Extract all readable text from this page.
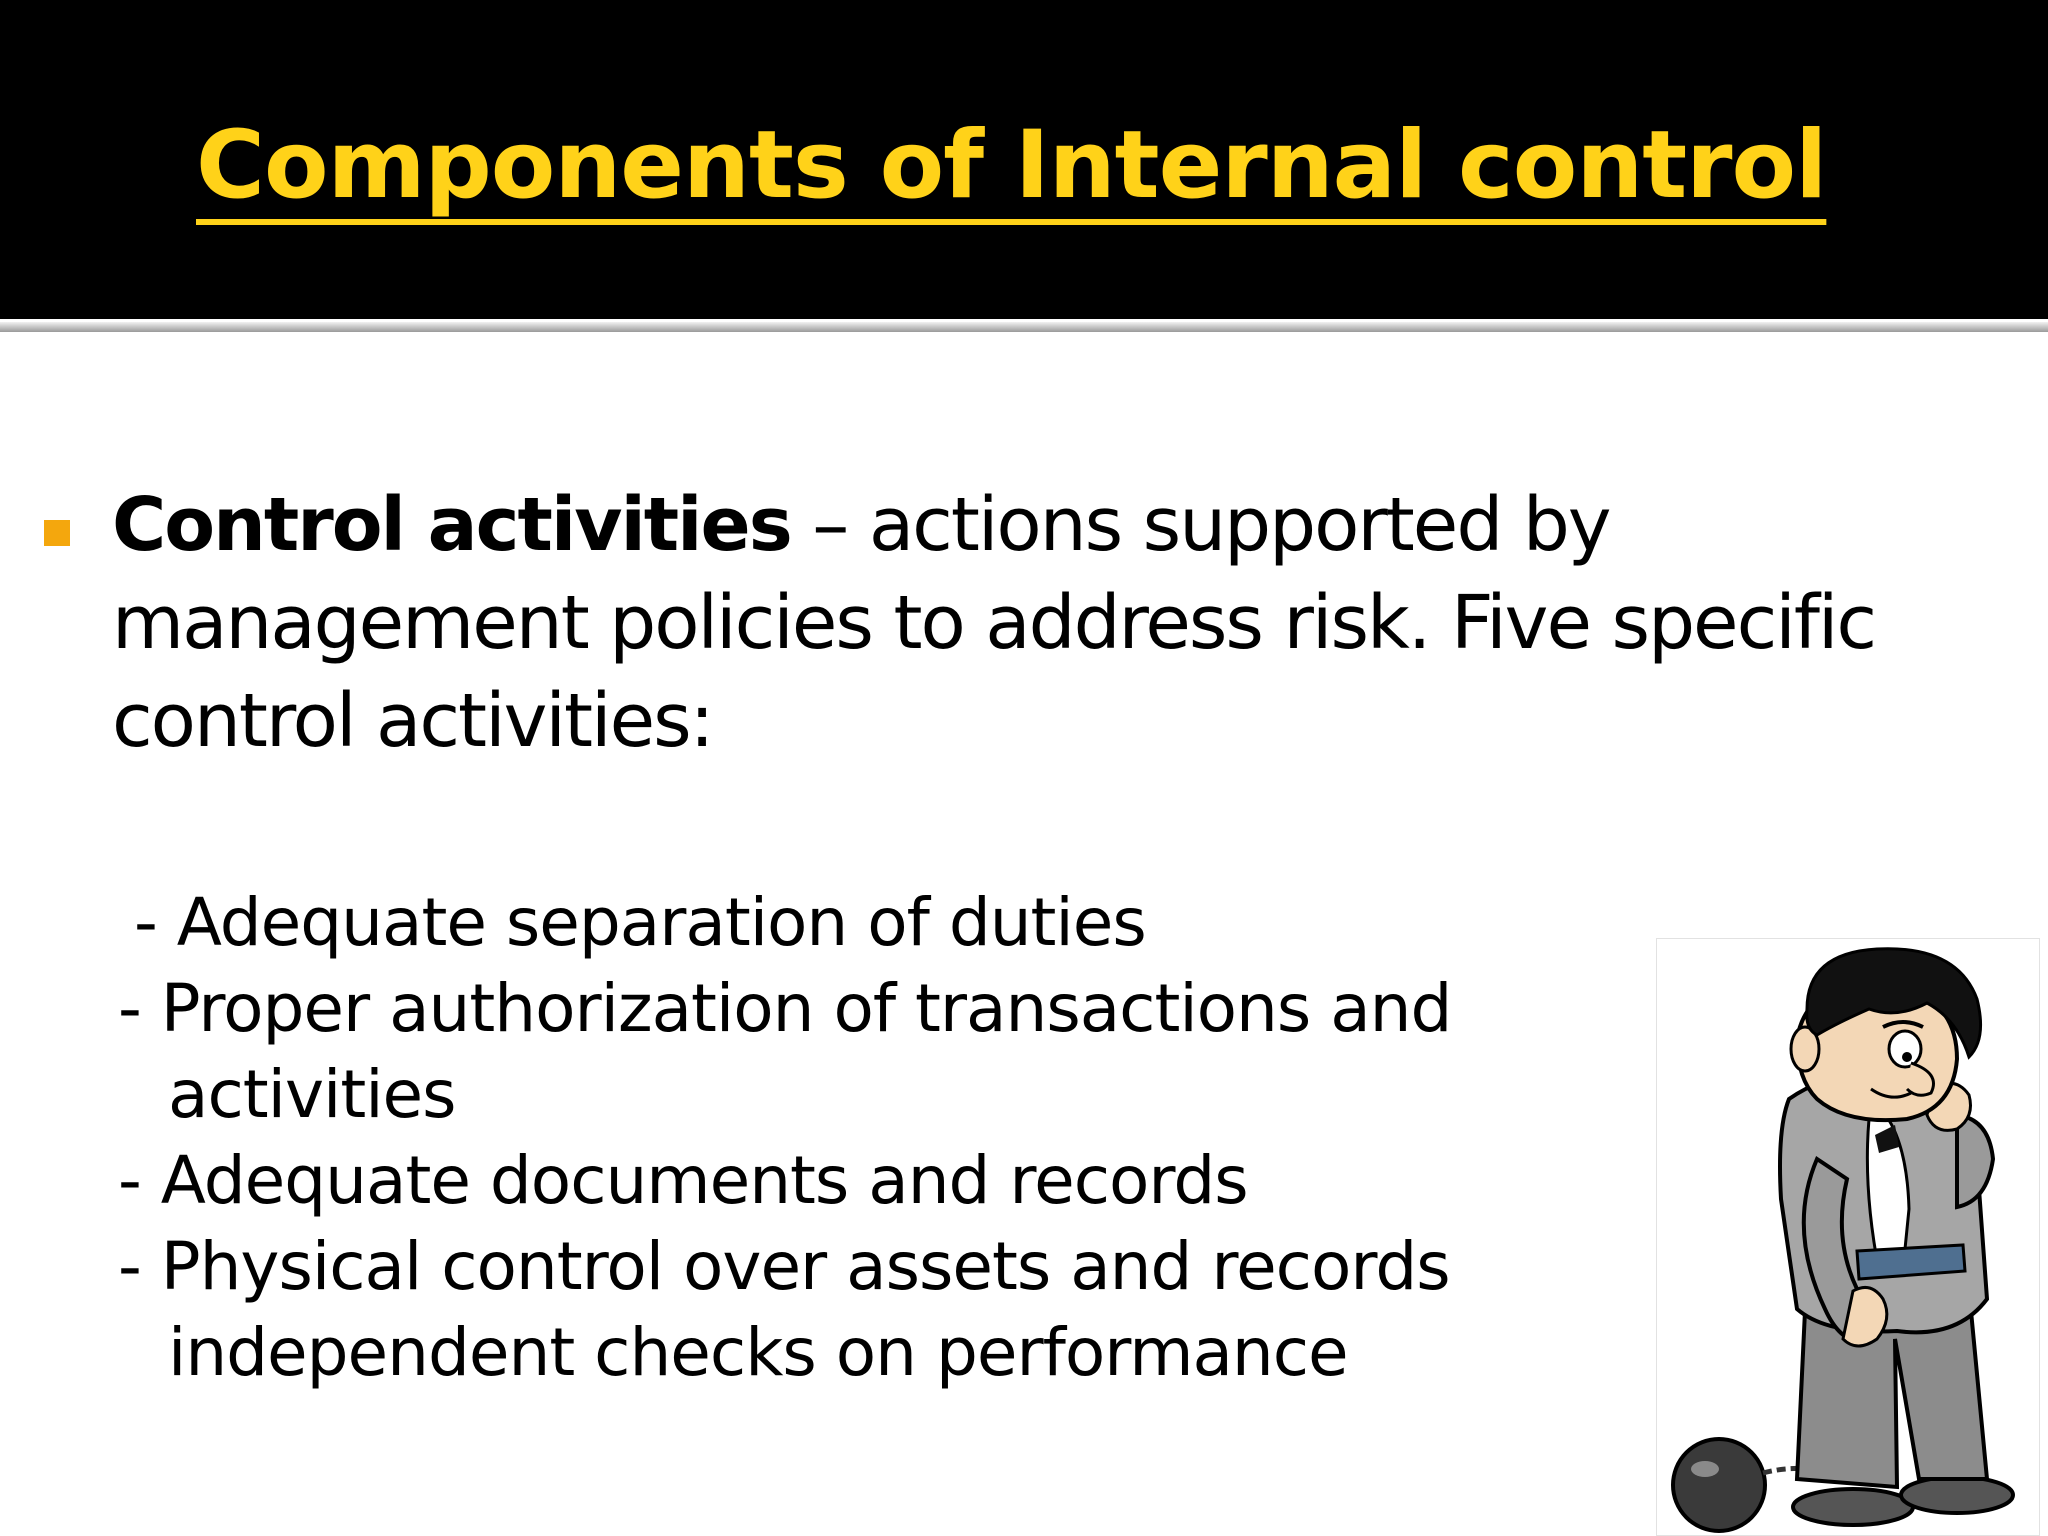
Components of Internal control

Control activities – actions supported by management policies to address risk. Five specific control activities:

- Adequate separation of duties
- Proper authorization of transactions and
activities
- Adequate documents and records
- Physical control over assets and records
independent checks on performance
